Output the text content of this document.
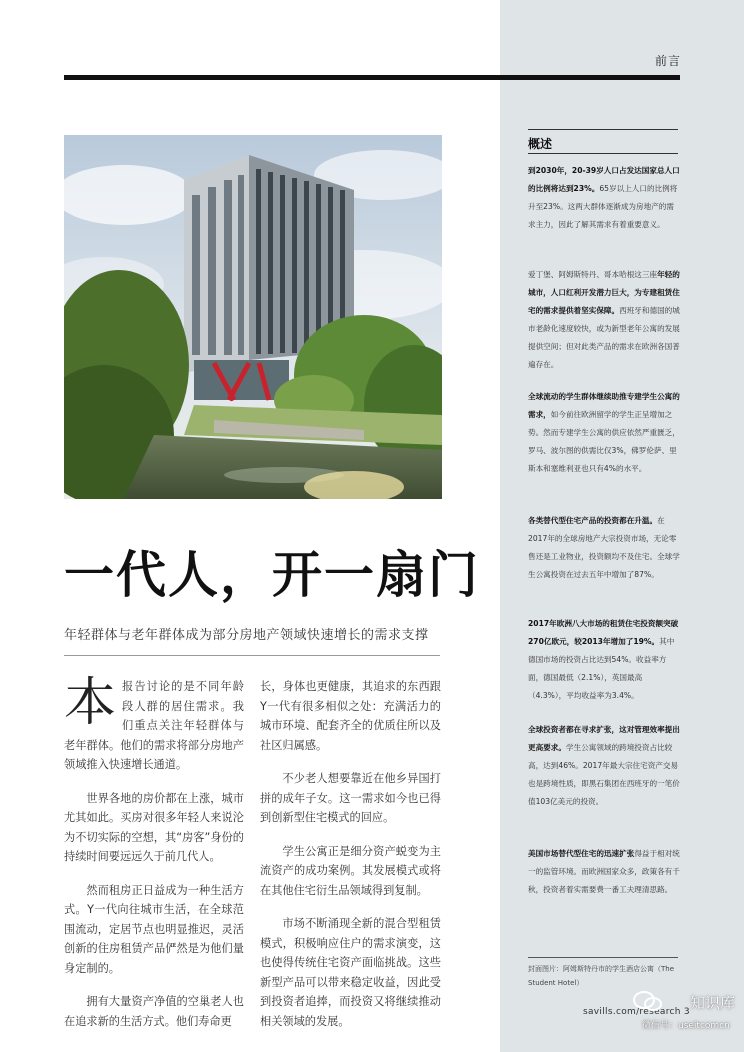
前言
一代人，开一扇门
年轻群体与老年群体成为部分房地产领域快速增长的需求支撑
本报告讨论的是不同年龄段人群的居住需求。我们重点关注年轻群体与老年群体。他们的需求将部分房地产领域推入快速增长通道。
世界各地的房价都在上涨，城市尤其如此。买房对很多年轻人来说沦为不切实际的空想，其“房客”身份的持续时间要远远久于前几代人。
然而租房正日益成为一种生活方式。Y一代向往城市生活，在全球范围流动，定居节点也明显推迟，灵活创新的住房租赁产品俨然是为他们量身定制的。
拥有大量资产净值的空巢老人也在追求新的生活方式。他们寿命更
长，身体也更健康，其追求的东西跟Y一代有很多相似之处：充满活力的城市环境、配套齐全的优质住所以及社区归属感。
不少老人想要靠近在他乡异国打拼的成年子女。这一需求如今也已得到创新型住宅模式的回应。
学生公寓正是细分资产蜕变为主流资产的成功案例。其发展模式或将在其他住宅衍生品领域得到复制。
市场不断涌现全新的混合型租赁模式，积极响应住户的需求演变，这也使得传统住宅资产面临挑战。这些新型产品可以带来稳定收益，因此受到投资者追捧，而投资又将继续推动相关领域的发展。
概述
到2030年，20-39岁人口占发达国家总人口的比例将达到23%。65岁以上人口的比例将升至23%。这两大群体逐渐成为房地产的需求主力，因此了解其需求有着重要意义。
爱丁堡、阿姆斯特丹、哥本哈根这三座年轻的城市，人口红利开发潜力巨大，为专建租赁住宅的需求提供着坚实保障。西班牙和德国的城市老龄化速度较快，或为新型老年公寓的发展提供空间；但对此类产品的需求在欧洲各国普遍存在。
全球流动的学生群体继续助推专建学生公寓的需求，如今前往欧洲留学的学生正呈增加之势。然而专建学生公寓的供应依然严重匮乏，罗马、波尔图的供需比仅3%，佛罗伦萨、里斯本和塞维利亚也只有4%的水平。
各类替代型住宅产品的投资都在升温。在2017年的全球房地产大宗投资市场，无论零售还是工业物业，投资额均不及住宅。全球学生公寓投资在过去五年中增加了87%。
2017年欧洲八大市场的租赁住宅投资额突破270亿欧元，较2013年增加了19%。其中德国市场的投资占比达到54%。收益率方面，德国最低（2.1%），英国最高（4.3%），平均收益率为3.4%。
全球投资者都在寻求扩张，这对管理效率提出更高要求。学生公寓领域的跨境投资占比较高，达到46%。2017年最大宗住宅资产交易也是跨境性质，即黑石集团在西班牙的一笔价值103亿美元的投资。
美国市场替代型住宅的迅速扩张得益于相对统一的监管环境。而欧洲国家众多，政策各有千秋，投资者着实需要费一番工夫理清思路。
封面图片：阿姆斯特丹市的学生酒店公寓（The Student Hotel）
savills.com/research 3 知识库
微信号：useitcomcn
